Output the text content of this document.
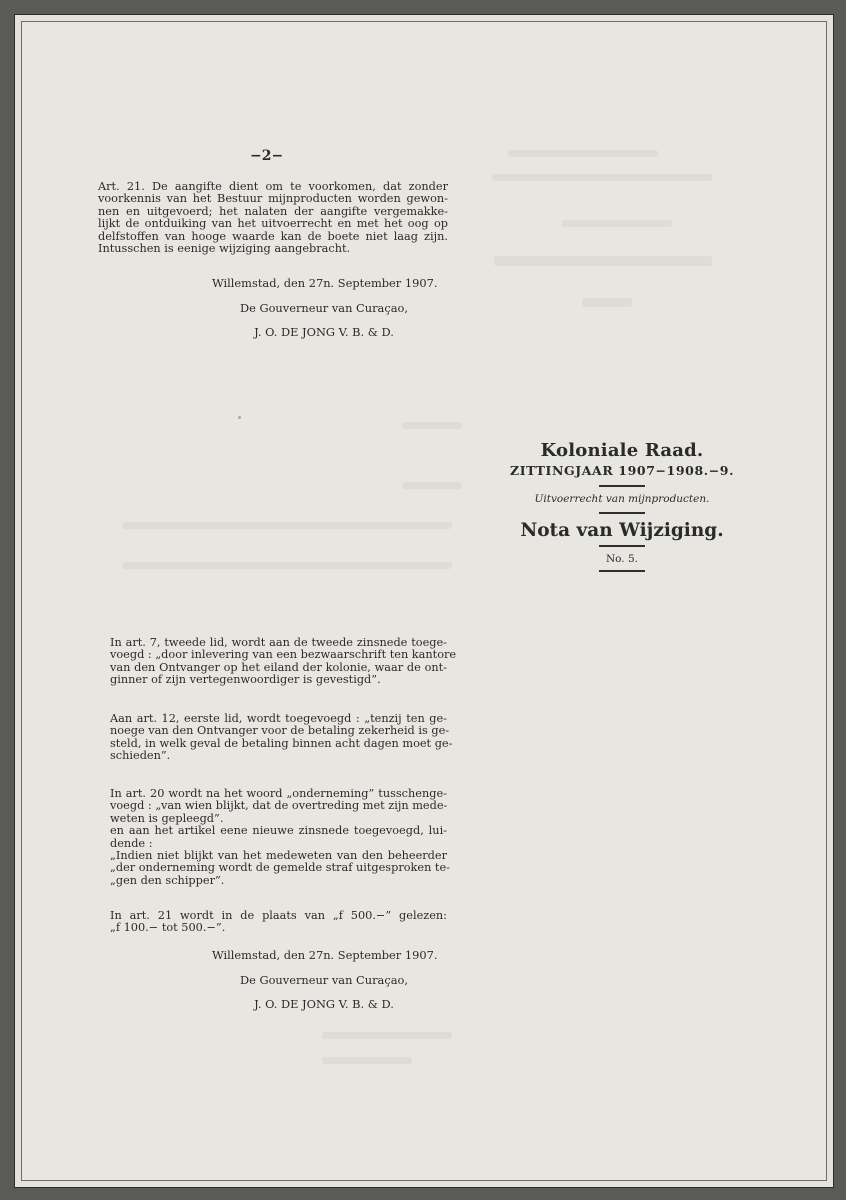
−2−
Art. 21. De aangifte dient om te voorkomen, dat zonder
voorkennis van het Bestuur mijnproducten worden gewon-
nen en uitgevoerd; het nalaten der aangifte vergemakke-
lijkt de ontduiking van het uitvoerrecht en met het oog op
delfstoffen van hooge waarde kan de boete niet laag zijn.
Intusschen is eenige wijziging aangebracht.
Willemstad, den 27n. September 1907.
De Gouverneur van Curaçao,
J. O. DE JONG V. B. & D.
Koloniale Raad.
ZITTINGJAAR 1907−1908.−9.
Uitvoerrecht van mijnproducten.
Nota van Wijziging.
No. 5.
In art. 7, tweede lid, wordt aan de tweede zinsnede toege-
voegd : „door inlevering van een bezwaarschrift ten kantore
van den Ontvanger op het eiland der kolonie, waar de ont-
ginner of zijn vertegenwoordiger is gevestigd”.
Aan art. 12, eerste lid, wordt toegevoegd : „tenzij ten ge-
noege van den Ontvanger voor de betaling zekerheid is ge-
steld, in welk geval de betaling binnen acht dagen moet ge-
schieden”.
In art. 20 wordt na het woord „onderneming” tusschenge-
voegd : „van wien blijkt, dat de overtreding met zijn mede-
weten is gepleegd”.
en aan het artikel eene nieuwe zinsnede toegevoegd, lui-
dende :
„Indien niet blijkt van het medeweten van den beheerder
„der onderneming wordt de gemelde straf uitgesproken te-
„gen den schipper”.
In art. 21 wordt in de plaats van „f 500.−” gelezen:
„f 100.− tot 500.−”.
Willemstad, den 27n. September 1907.
De Gouverneur van Curaçao,
J. O. DE JONG V. B. & D.
